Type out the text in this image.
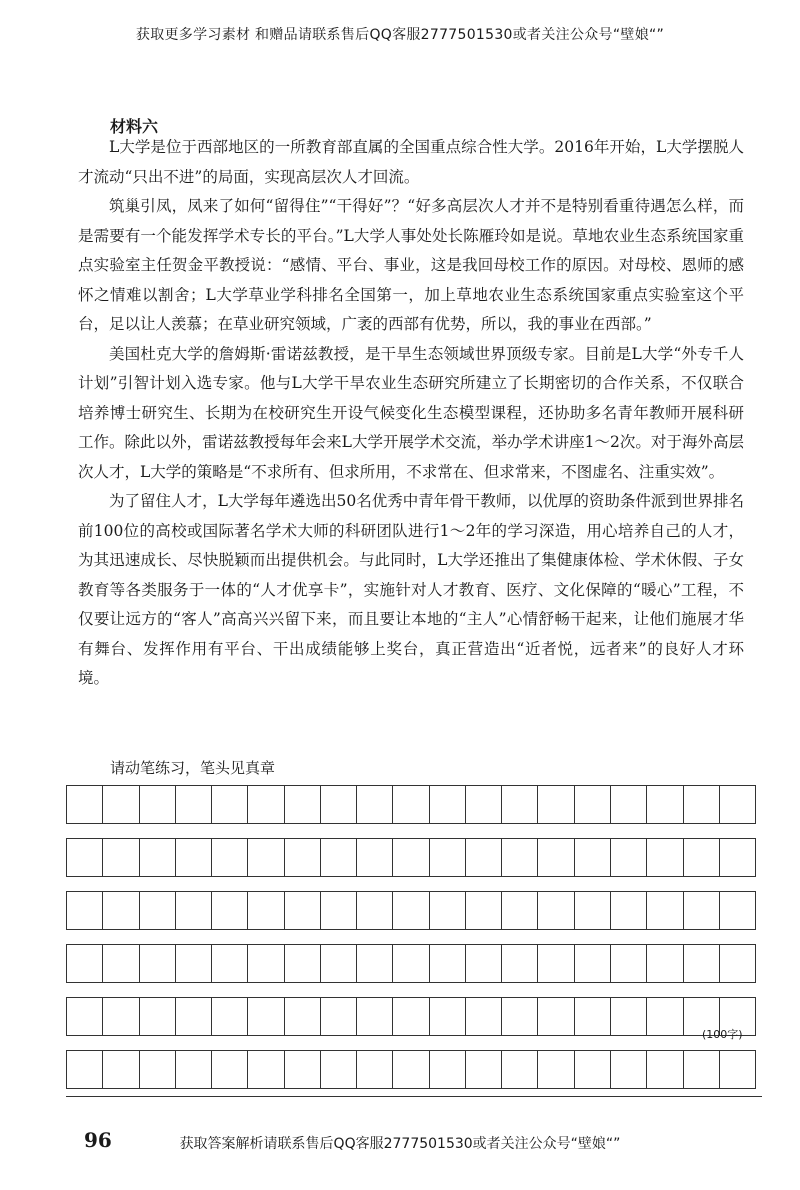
获取更多学习素材 和赠品请联系售后QQ客服2777501530或者关注公众号“壁娘“”
材料六

L大学是位于西部地区的一所教育部直属的全国重点综合性大学。2016年开始，L大学摆脱人才流动“只出不进”的局面，实现高层次人才回流。

筑巢引凤，凤来了如何“留得住”“干得好”？“好多高层次人才并不是特别看重待遇怎么样，而是需要有一个能发挥学术专长的平台。”L大学人事处处长陈雁玲如是说。草地农业生态系统国家重点实验室主任贺金平教授说：“感情、平台、事业，这是我回母校工作的原因。对母校、恩师的感怀之情难以割舍；L大学草业学科排名全国第一，加上草地农业生态系统国家重点实验室这个平台，足以让人羡慕；在草业研究领域，广袤的西部有优势，所以，我的事业在西部。”

美国杜克大学的詹姆斯·雷诺兹教授，是干旱生态领域世界顶级专家。目前是L大学“外专千人计划”引智计划入选专家。他与L大学干旱农业生态研究所建立了长期密切的合作关系，不仅联合培养博士研究生、长期为在校研究生开设气候变化生态模型课程，还协助多名青年教师开展科研工作。除此以外，雷诺兹教授每年会来L大学开展学术交流，举办学术讲座1～2次。对于海外高层次人才，L大学的策略是“不求所有、但求所用，不求常在、但求常来，不图虚名、注重实效”。

为了留住人才，L大学每年遴选出50名优秀中青年骨干教师，以优厚的资助条件派到世界排名前100位的高校或国际著名学术大师的科研团队进行1～2年的学习深造，用心培养自己的人才，为其迅速成长、尽快脱颖而出提供机会。与此同时，L大学还推出了集健康体检、学术休假、子女教育等各类服务于一体的“人才优享卡”，实施针对人才教育、医疗、文化保障的“暖心”工程，不仅要让远方的“客人”高高兴兴留下来，而且要让本地的“主人”心情舒畅干起来，让他们施展才华有舞台、发挥作用有平台、干出成绩能够上奖台，真正营造出“近者悦，远者来”的良好人才环境。

请动笔练习，笔头见真章
(100字)
96	获取答案解析请联系售后QQ客服2777501530或者关注公众号“壁娘“”
